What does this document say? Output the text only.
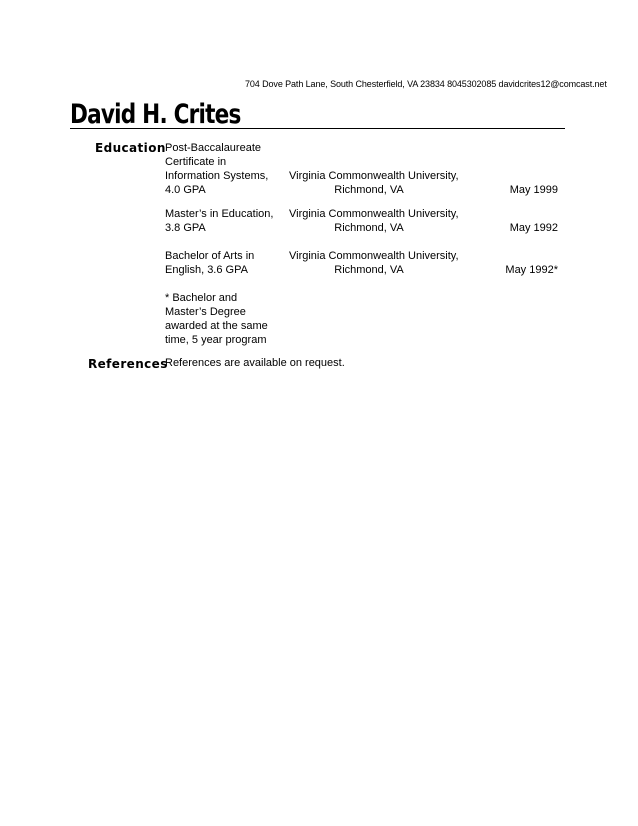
704 Dove Path Lane, South Chesterfield, VA 23834 8045302085 davidcrites12@comcast.net
David H. Crites
Education Post-Baccalaureate
Certificate in
Information Systems,
4.0 GPA
Virginia Commonwealth University,
Richmond, VA	May 1999
Master’s in Education,
3.8 GPA
Virginia Commonwealth University,
Richmond, VA	May 1992
Bachelor of Arts in
English, 3.6 GPA
Virginia Commonwealth University,
Richmond, VA	May 1992*
* Bachelor and Master’s Degree awarded at the same time, 5 year program
References
References are available on request.
